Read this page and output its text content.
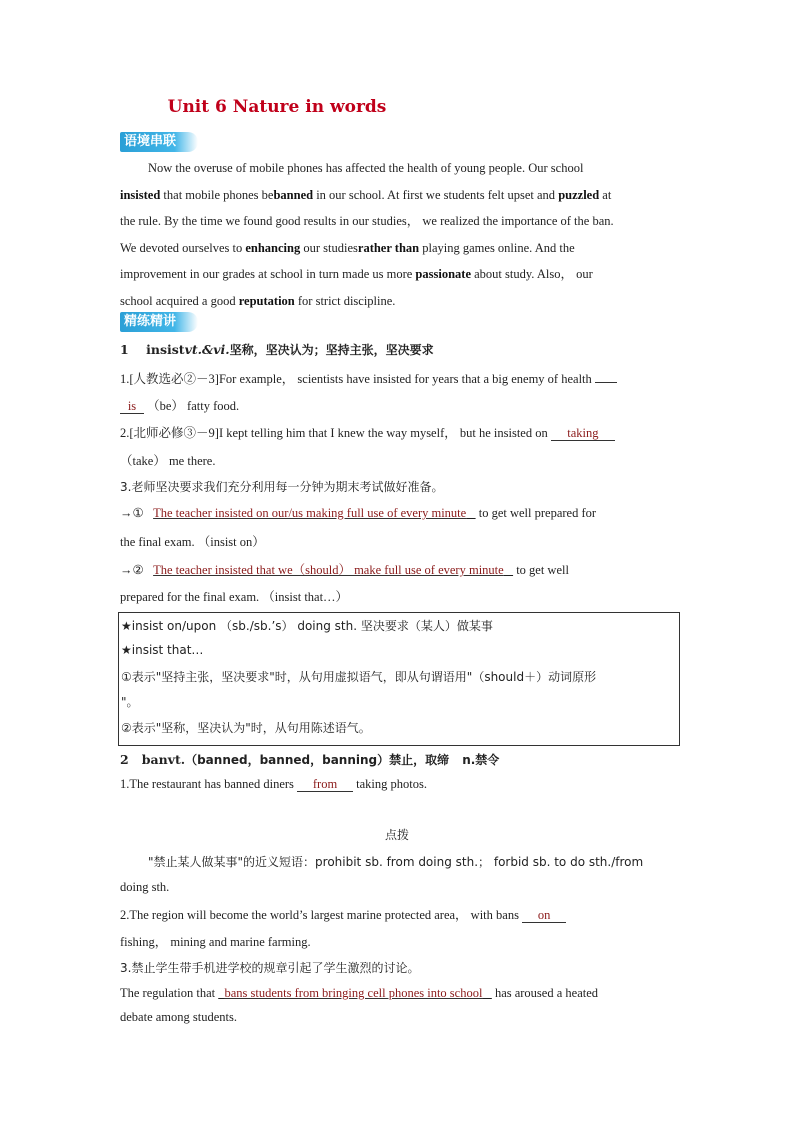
Unit 6 Nature in words
语境串联
Now the overuse of mobile phones has affected the health of young people. Our school
insisted that mobile phones bebanned in our school. At first we students felt upset and puzzled at
the rule. By the time we found good results in our studies， we realized the importance of the ban.
We devoted ourselves to enhancing our studiesrather than playing games online. And the
improvement in our grades at school in turn made us more passionate about study. Also， our
school acquired a good reputation for strict discipline.
精练精讲
1 insistvt.&vi.坚称，坚决认为；坚持主张，坚决要求
1.[人教选必②－3]For example， scientists have insisted for years that a big enemy of health
is （be） fatty food.
2.[北师必修③－9]I kept telling him that I knew the way myself， but he insisted on taking
（take） me there.
3.老师坚决要求我们充分利用每一分钟为期末考试做好准备。
→① The teacher insisted on our/us making full use of every minute    to get well prepared for
the final exam. （insist on）
→② The teacher insisted that we（should） make full use of every minute    to get well
prepared for the final exam. （insist that…）
★insist on/upon （sb./sb.’s） doing sth. 坚决要求（某人）做某事
★insist that…
①表示"坚持主张，坚决要求"时，从句用虚拟语气，即从句谓语用"（should＋）动词原形
"。
②表示"坚称，坚决认为"时，从句用陈述语气。
2 banvt.（banned，banned，banning）禁止，取缔 n.禁令
1.The restaurant has banned diners from taking photos.
点拨
"禁止某人做某事"的近义短语：prohibit sb. from doing sth.； forbid sb. to do sth./from
doing sth.
2.The region will become the world’s largest marine protected area， with bans on
fishing， mining and marine farming.
3.禁止学生带手机进学校的规章引起了学生激烈的讨论。
The regulation that   bans students from bringing cell phones into school    has aroused a heated
debate among students.
